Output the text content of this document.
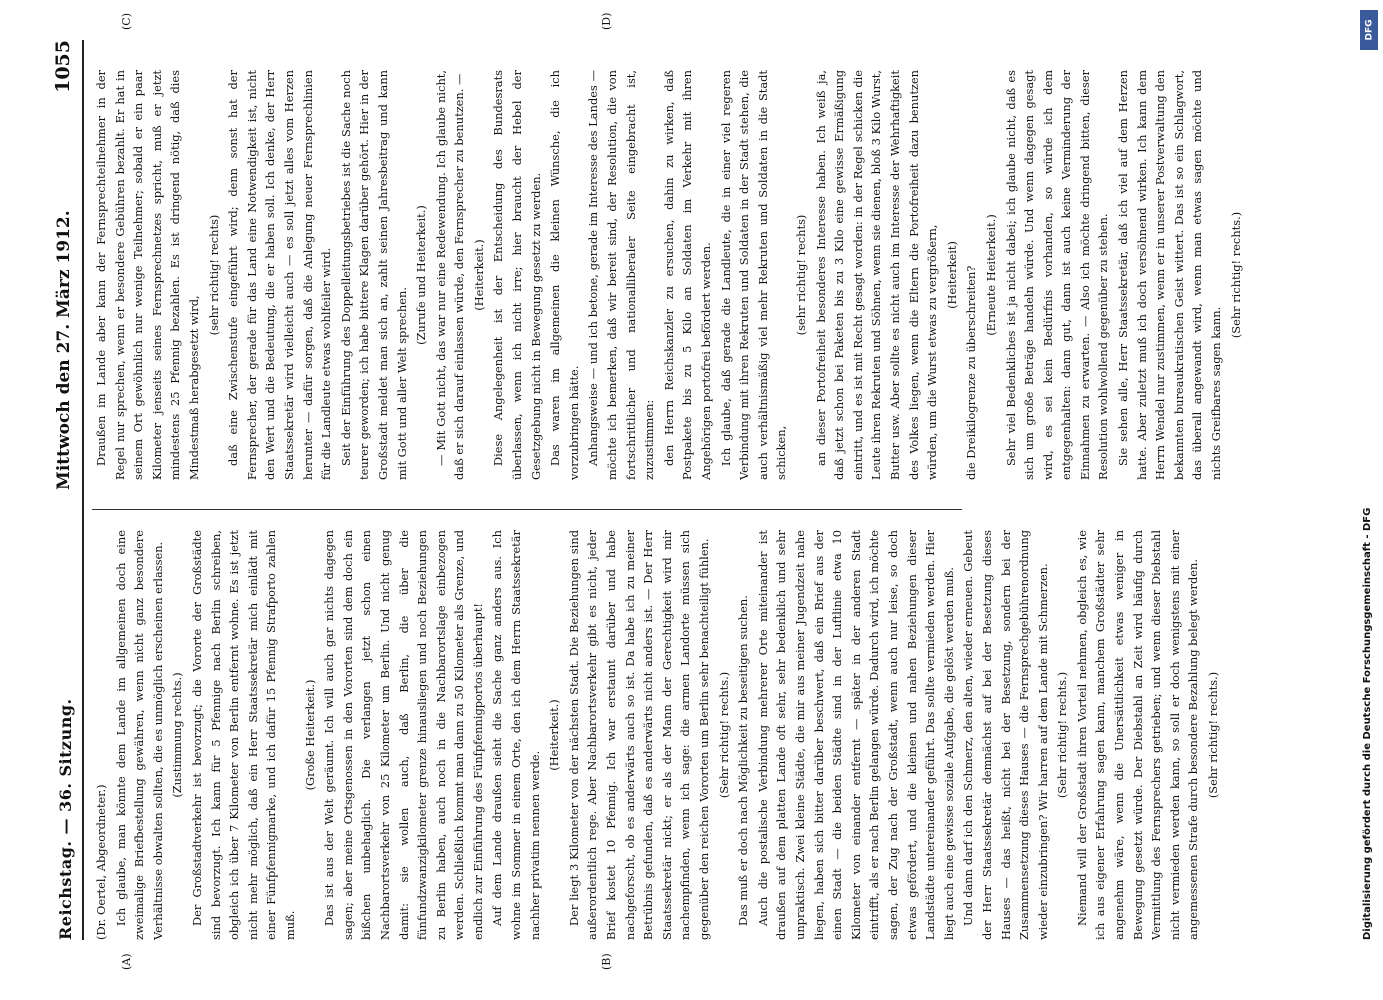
Reichstag. — 36. Sitzung.
Mittwoch den 27. März 1912.
1055
(A)	(B)
(C)	(D)

(Dr. Oertel, Abgeordneter.) Ich glaube, man könnte dem Lande im allgemeinen doch eine zweimalige Briefbestellung gewähren, wenn nicht ganz besondere Verhältnisse obwalten sollten, die es unmöglich erscheinen erlassen. (Zustimmung rechts.) Der Großstadtverkehr ist bevorzugt; die Vororte der Großstädte sind bevorzugt. Ich kann für 5 Pfennige nach Berlin schreiben, obgleich ich über 7 Kilometer von Berlin entfernt wohne. Es ist jetzt nicht mehr möglich, daß ein Herr Staatssekretär mich einlädt mit einer Fünfpfennigmarke, und ich dafür 15 Pfennig Strafporto zahlen muß.

(Große Heiterkeit.) Das ist aus der Welt geräumt. Ich will auch gar nichts dagegen sagen; aber meine Ortsgenossen in den Vororten sind dem doch ein bißchen unbehaglich. Die verlangen jetzt schon einen Nachbarortsverkehr von 25 Kilometer um Berlin. Und nicht genug damit: sie wollen auch, daß Berlin, die über die fünfundzwanzigkilometer grenze hinausliegen und noch Beziehungen zu Berlin haben, auch noch in die Nachbarortslage einbezogen werden. Schließlich kommt man dann zu 50 Kilometer als Grenze, und endlich zur Einführung des Fünfpfennigportos überhaupt! Auf dem Lande draußen sieht die Sache ganz anders aus. Ich wohne im Sommer in einem Orte, den ich dem Herrn Staatssekretär nachher privatim nennen werde.

(Heiterkeit.) Der liegt 3 Kilometer von der nächsten Stadt. Die Beziehungen sind außerordentlich rege. Aber Nachbarortsverkehr gibt es nicht, jeder Brief kostet 10 Pfennig. Ich war erstaunt darüber und habe nachgeforscht, ob es anderwärts auch so ist. Da habe ich zu meiner Betrübnis gefunden, daß es anderwärts nicht anders ist. — Der Herr Staatssekretär nickt; er als der Mann der Gerechtigkeit wird mir nachempfinden, wenn ich sage: die armen Landorte müssen sich gegenüber den reichen Vororten um Berlin sehr benachteiligt fühlen. (Sehr richtig! rechts.) Das muß er doch nach Möglichkeit zu beseitigen suchen. Auch die postalische Verbindung mehrerer Orte miteinander ist draußen auf dem platten Lande oft sehr, sehr bedenklich und sehr unpraktisch. Zwei kleine Städte, die mir aus meiner Jugendzeit nahe liegen, haben sich bitter darüber beschwert, daß ein Brief aus der einen Stadt — die beiden Städte sind in der Luftlinie etwa 10 Kilometer von einander entfernt — später in der anderen Stadt eintrifft, als er nach Berlin gelangen würde. Dadurch wird, ich möchte sagen, der Zug nach der Großstadt, wenn auch nur leise, so doch etwas gefördert, und die kleinen und nahen Beziehungen dieser Landstädte untereinander geführt. Das sollte vermieden werden. Hier liegt auch eine gewisse soziale Aufgabe, die gelöst werden muß. Und dann darf ich den Schmerz, den alten, wieder erneuen. Gebeut der Herr Staatssekretär demnächst auf bei der Besetzung dieses Hauses — das heißt, nicht bei der Besetzung, sondern bei der Zusammensetzung dieses Hauses — die Fernsprechgebührenordnung wieder einzubringen? Wir harren auf dem Lande mit Schmerzen. (Sehr richtig! rechts.) Niemand will der Großstadt ihren Vorteil nehmen, obgleich es, wie ich aus eigener Erfahrung sagen kann, manchem Großstädter sehr angenehm wäre, wenn die Unersättlichkeit etwas weniger in Bewegung gesetzt würde. Der Diebstahl an Zeit wird häufig durch Vermittlung des Fernsprechers getrieben; und wenn dieser Diebstahl nicht vermieden werden kann, so soll er doch wenigstens mit einer angemessenen Strafe durch besondere Bezahlung belegt werden. (Sehr richtig! rechts.)

Draußen im Lande aber kann der Fernsprechteilnehmer in der Regel nur sprechen, wenn er besondere Gebühren bezahlt. Er hat in seinem Ort gewöhnlich nur wenige Teilnehmer; sobald er ein paar Kilometer jenseits seines Fernsprechnetzes spricht, muß er jetzt mindestens 25 Pfennig bezahlen. Es ist dringend nötig, daß dies Mindestmaß herabgesetzt wird,

(sehr richtig! rechts) daß eine Zwischenstufe eingeführt wird; denn sonst hat der Fernsprecher, der gerade für das Land eine Notwendigkeit ist, nicht den Wert und die Bedeutung, die er haben soll. Ich denke, der Herr Staatssekretär wird vielleicht auch — es soll jetzt alles vom Herzen herunter — dafür sorgen, daß die Anlegung neuer Fernsprechlinien für die Landleute etwas wohlfeiler wird. Seit der Einführung des Doppelleitungsbetriebes ist die Sache noch teurer geworden; ich habe bittere Klagen darüber gehört. Hier in der Großstadt meldet man sich an, zahlt seinen Jahresbeitrag und kann mit Gott und aller Welt sprechen.

(Zurufe und Heiterkeit.) — Mit Gott nicht, das war nur eine Redewendung. Ich glaube nicht, daß er sich darauf einlassen würde, den Fernsprecher zu benutzen. — (Heiterkeit.) Diese Angelegenheit ist der Entscheidung des Bundesrats überlassen, wenn ich nicht irre; hier braucht der Hebel der Gesetzgebung nicht in Bewegung gesetzt zu werden. Das waren im allgemeinen die kleinen Wünsche, die ich vorzubringen hätte. Anhangsweise — und ich betone, gerade im Interesse des Landes — möchte ich bemerken, daß wir bereit sind, der Resolution, die von fortschrittlicher und nationalliberaler Seite eingebracht ist, zuzustimmen: den Herrn Reichskanzler zu ersuchen, dahin zu wirken, daß Postpakete bis zu 5 Kilo an Soldaten im Verkehr mit ihren Angehörigen portofrei befördert werden. Ich glaube, daß gerade die Landleute, die in einer viel regeren Verbindung mit ihren Rekruten und Soldaten in der Stadt stehen, die auch verhältnismäßig viel mehr Rekruten und Soldaten in die Stadt schicken,

(sehr richtig! rechts) an dieser Portofreiheit besonderes Interesse haben. Ich weiß ja, daß jetzt schon bei Paketen bis zu 3 Kilo eine gewisse Ermäßigung eintritt, und es ist mit Recht gesagt worden: in der Regel schicken die Leute ihren Rekruten und Söhnen, wenn sie dienen, bloß 3 Kilo Wurst, Butter usw. Aber sollte es nicht auch im Interesse der Wehrhaftigkeit des Volkes liegen, wenn die Eltern die Portofreiheit dazu benutzen würden, um die Wurst etwas zu vergrößern, (Heiterkeit) die Dreikilogrenze zu überschreiten? (Erneute Heiterkeit.) Sehr viel Bedenkliches ist ja nicht dabei; ich glaube nicht, daß es sich um große Beträge handeln würde. Und wenn dagegen gesagt wird, es sei kein Bedürfnis vorhanden, so würde ich dem entgegenhalten: dann gut, dann ist auch keine Verminderung der Einnahmen zu erwarten. — Also ich möchte dringend bitten, dieser Resolution wohlwollend gegenüber zu stehen. Sie sehen alle, Herr Staatssekretär, daß ich viel auf dem Herzen hatte. Aber zuletzt muß ich doch versöhnend wirken. Ich kann dem Herrn Wendel nur zustimmen, wenn er in unserer Postverwaltung den bekannten bureaukratischen Geist wittert. Das ist so ein Schlagwort, das überall angewandt wird, wenn man etwas sagen möchte und nichts Greifbares sagen kann.

(Sehr richtig! rechts.)

DFG
Digitalisierung gefördert durch die Deutsche Forschungsgemeinschaft - DFG
